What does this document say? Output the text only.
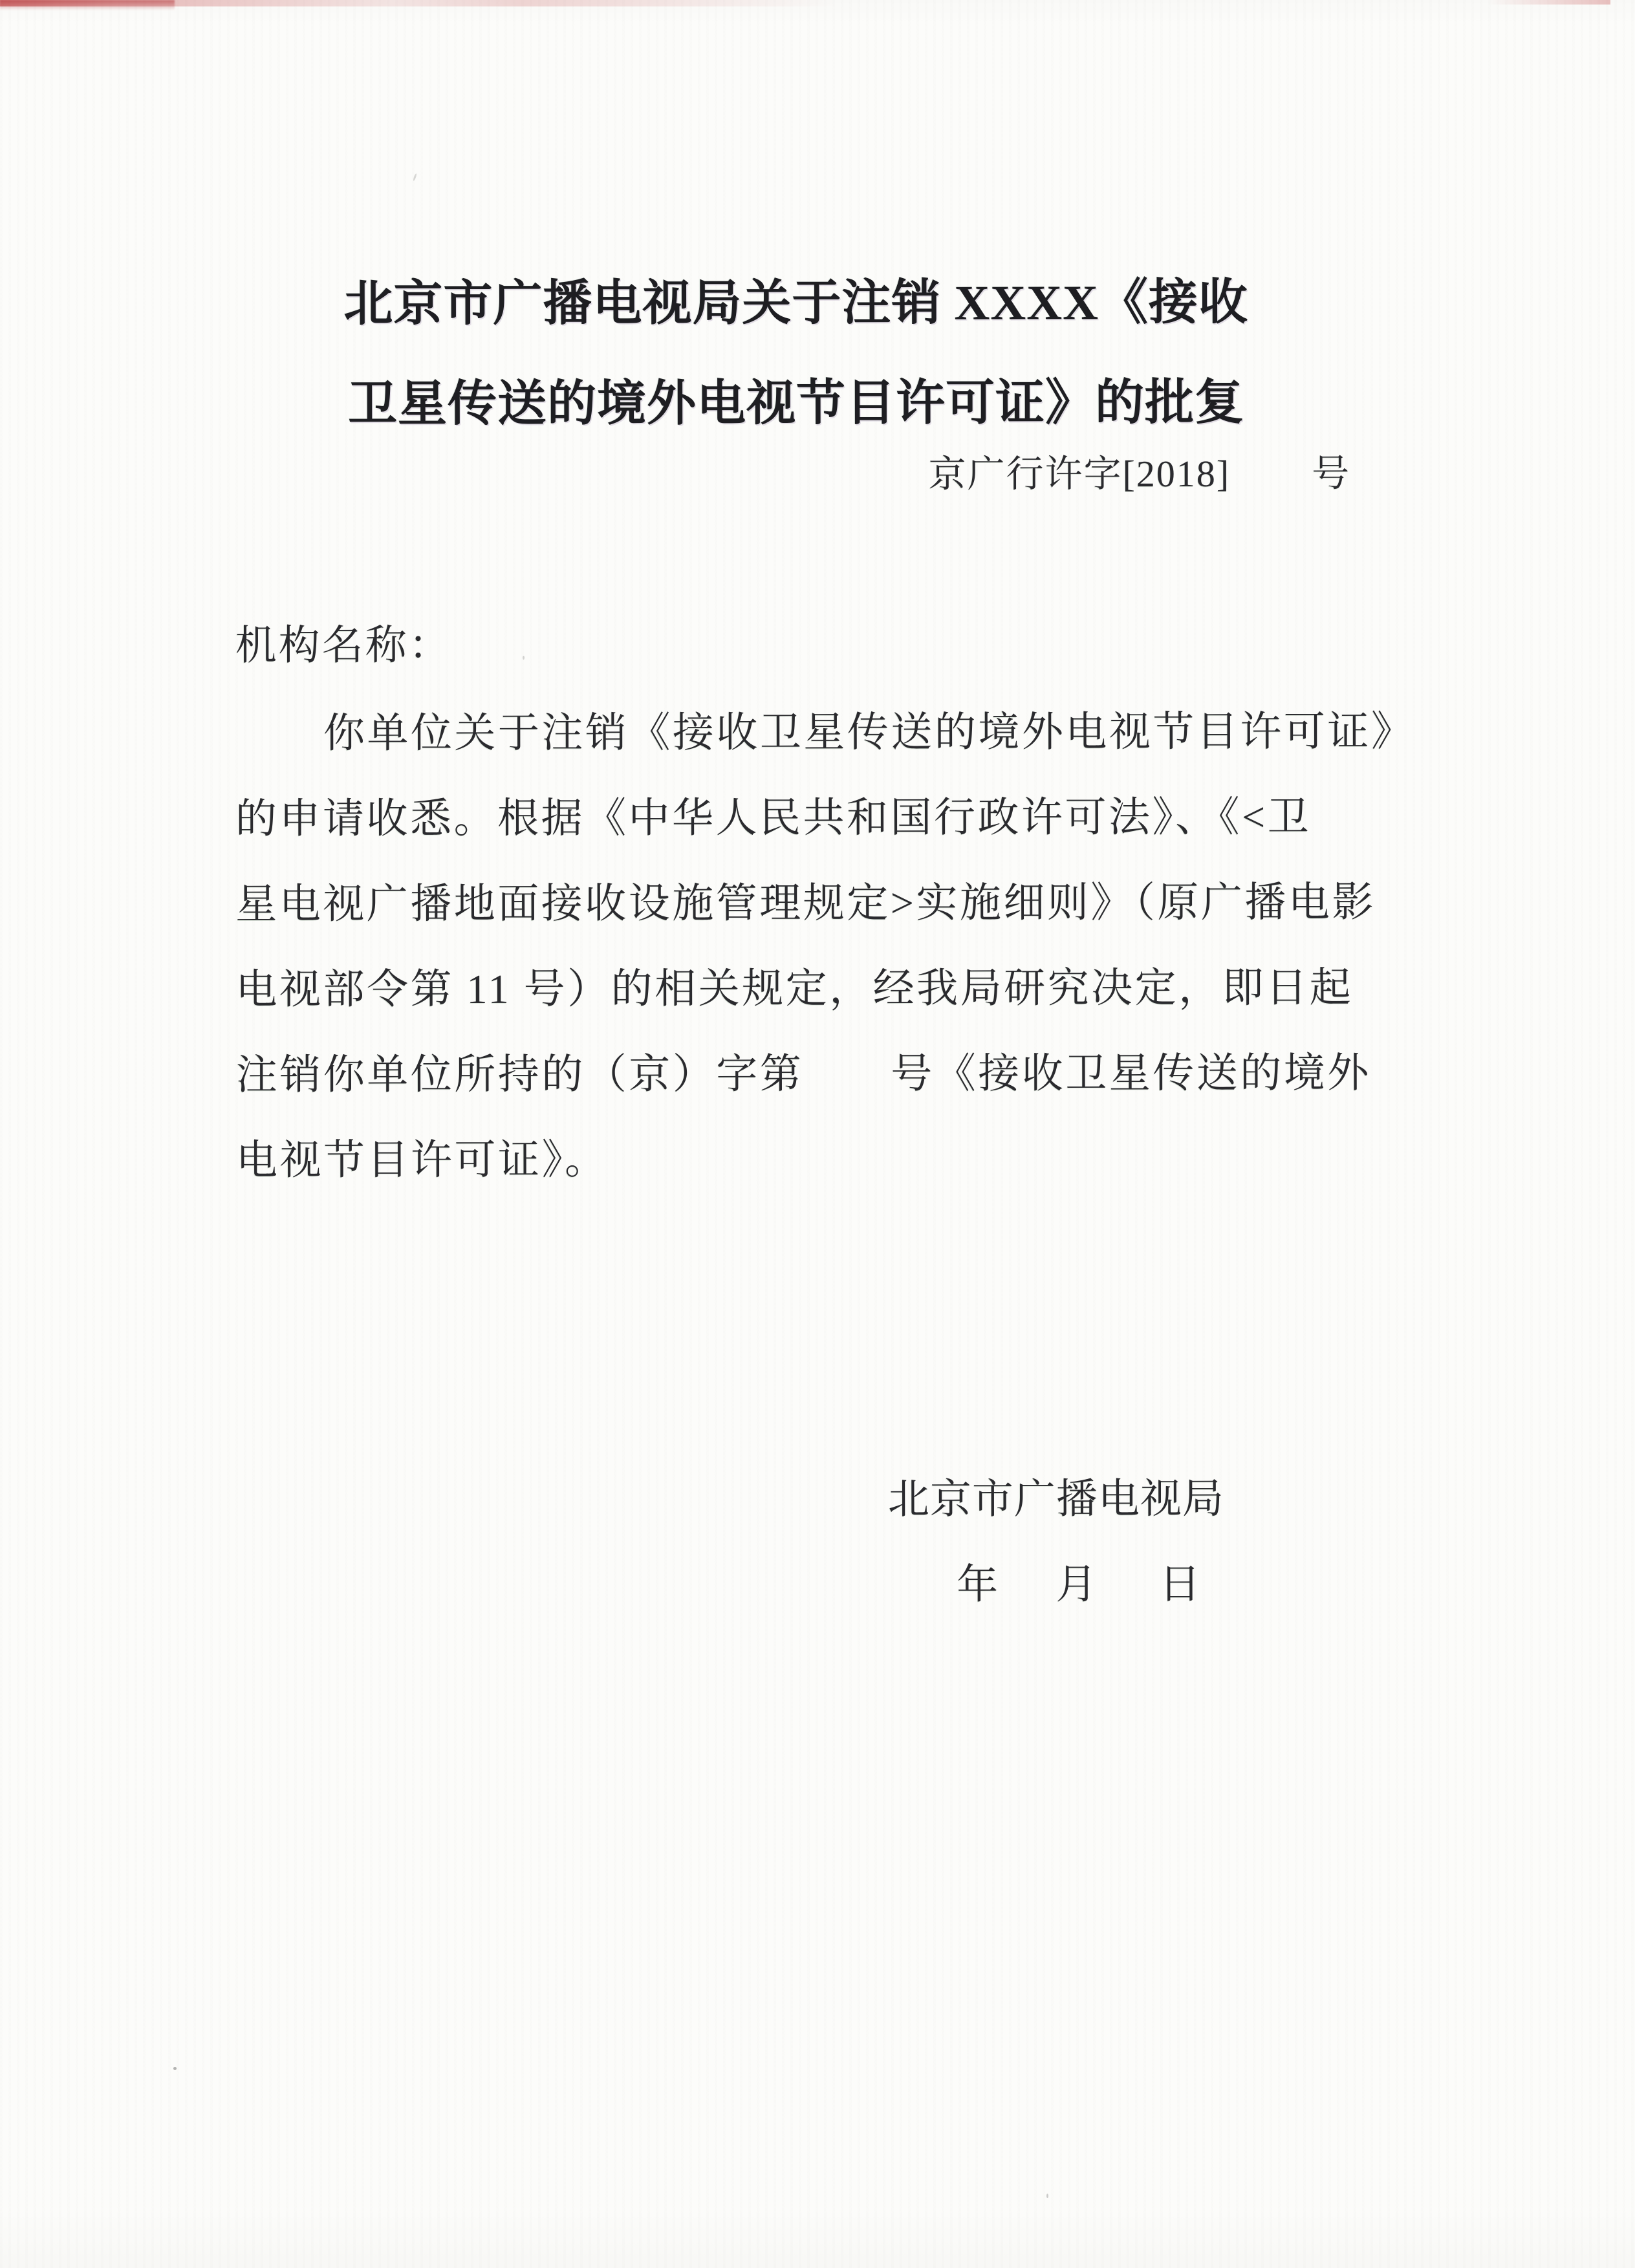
北京市广播电视局关于注销 XXXX《接收
卫星传送的境外电视节目许可证》的批复
京广行许字[2018] 号
机构名称：
你单位关于注销《接收卫星传送的境外电视节目许可证》
的申请收悉。根据《中华人民共和国行政许可法》、《<卫
星电视广播地面接收设施管理规定>实施细则》（原广播电影
电视部令第 11 号）的相关规定，经我局研究决定，即日起
注销你单位所持的（京）字第　　号《接收卫星传送的境外
电视节目许可证》。
北京市广播电视局
年 月 日
